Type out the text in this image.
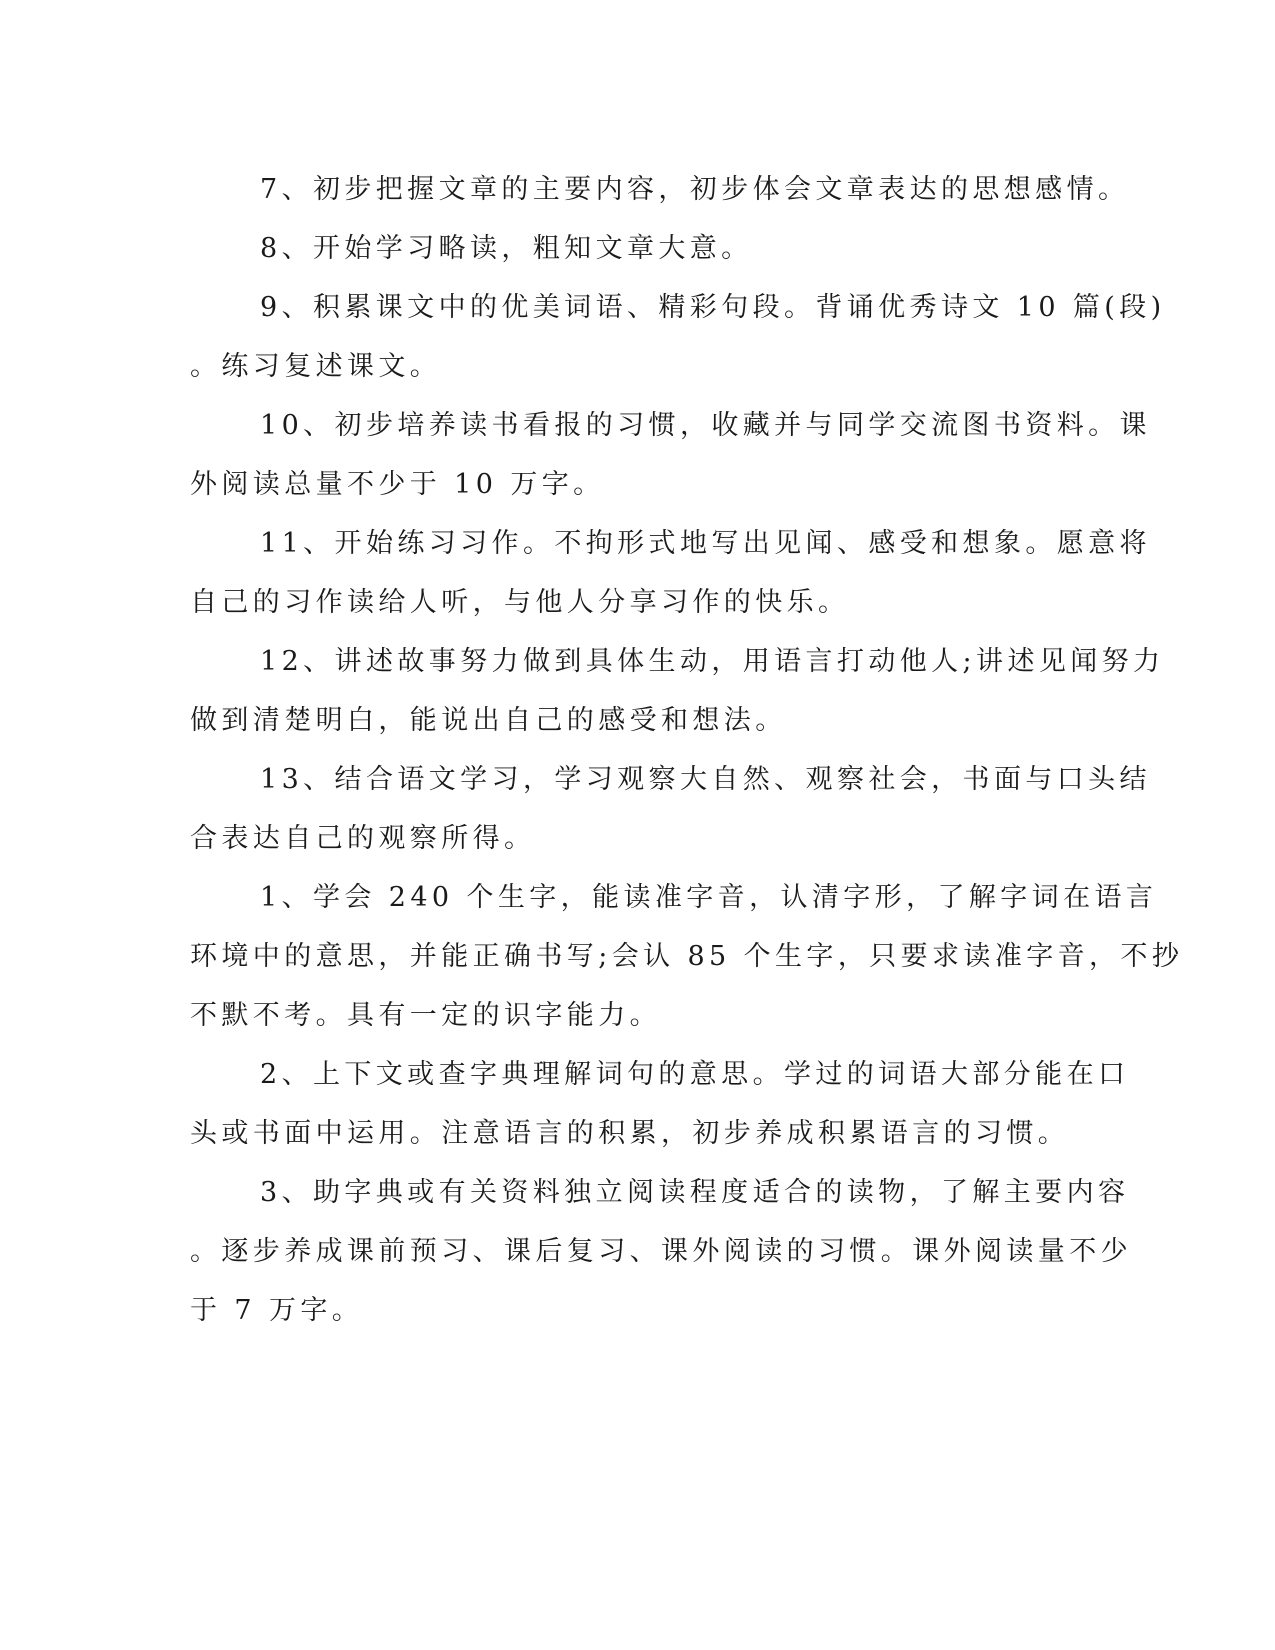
7、初步把握文章的主要内容，初步体会文章表达的思想感情。
8、开始学习略读，粗知文章大意。
9、积累课文中的优美词语、精彩句段。背诵优秀诗文 10 篇(段)
。练习复述课文。
10、初步培养读书看报的习惯，收藏并与同学交流图书资料。课
外阅读总量不少于 10 万字。
11、开始练习习作。不拘形式地写出见闻、感受和想象。愿意将
自己的习作读给人听，与他人分享习作的快乐。
12、讲述故事努力做到具体生动，用语言打动他人;讲述见闻努力
做到清楚明白，能说出自己的感受和想法。
13、结合语文学习，学习观察大自然、观察社会，书面与口头结
合表达自己的观察所得。
1、学会 240 个生字，能读准字音，认清字形，了解字词在语言
环境中的意思，并能正确书写;会认 85 个生字，只要求读准字音，不抄
不默不考。具有一定的识字能力。
2、上下文或查字典理解词句的意思。学过的词语大部分能在口
头或书面中运用。注意语言的积累，初步养成积累语言的习惯。
3、助字典或有关资料独立阅读程度适合的读物，了解主要内容
。逐步养成课前预习、课后复习、课外阅读的习惯。课外阅读量不少
于 7 万字。
